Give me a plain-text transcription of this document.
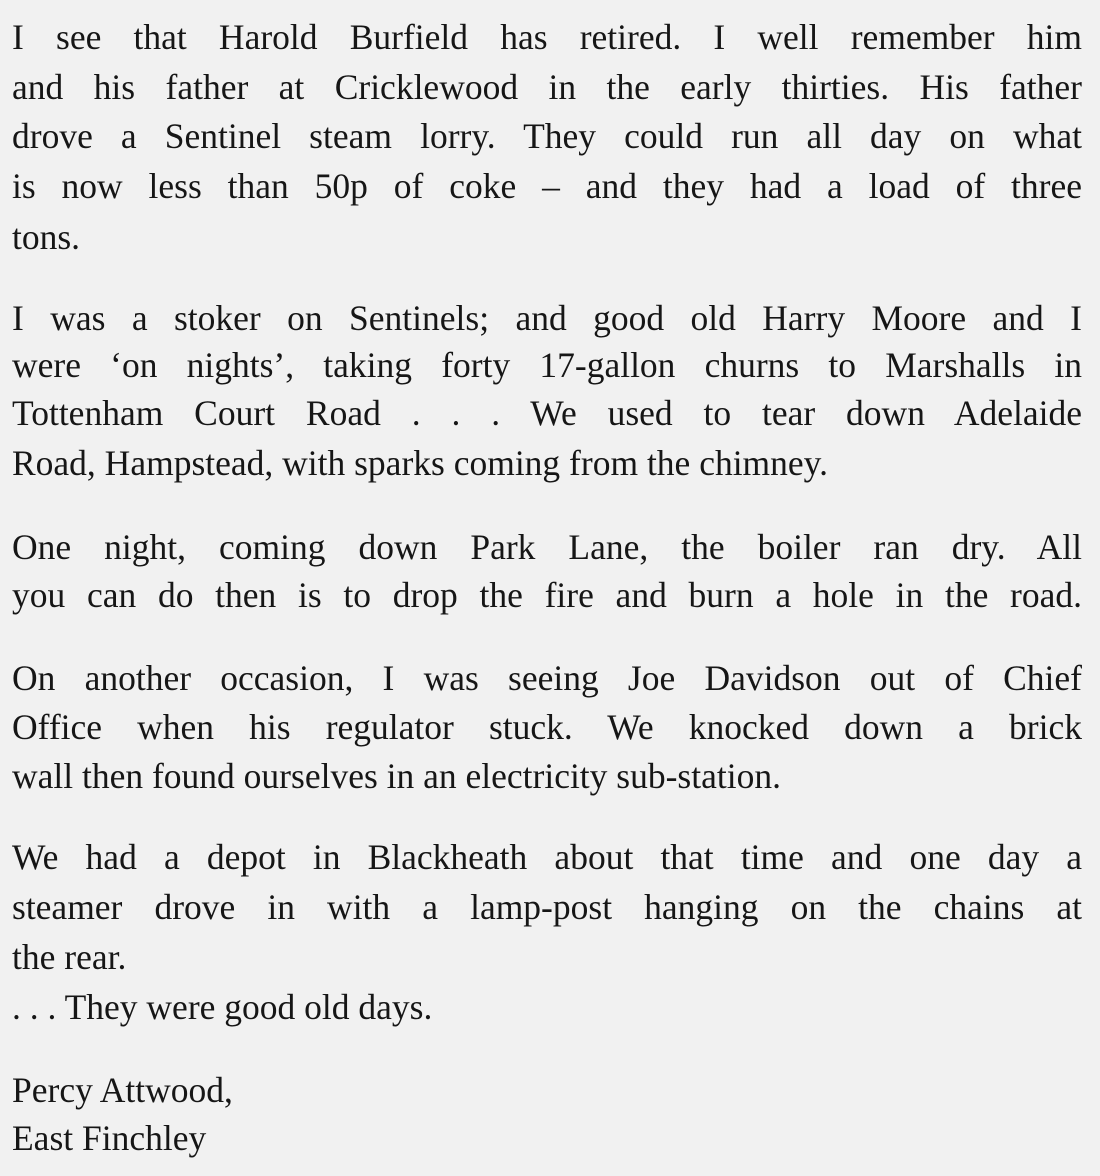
I see that Harold Burfield has retired. I well remember him
and his father at Cricklewood in the early thirties. His father
drove a Sentinel steam lorry. They could run all day on what
is now less than 50p of coke – and they had a load of three
tons.
I was a stoker on Sentinels; and good old Harry Moore and I
were ‘on nights’, taking forty 17-gallon churns to Marshalls in
Tottenham Court Road . . . We used to tear down Adelaide
Road, Hampstead, with sparks coming from the chimney.
One night, coming down Park Lane, the boiler ran dry. All
you can do then is to drop the fire and burn a hole in the road.
On another occasion, I was seeing Joe Davidson out of Chief
Office when his regulator stuck. We knocked down a brick
wall then found ourselves in an electricity sub-station.
We had a depot in Blackheath about that time and one day a
steamer drove in with a lamp-post hanging on the chains at
the rear.
. . . They were good old days.
Percy Attwood,
East Finchley
